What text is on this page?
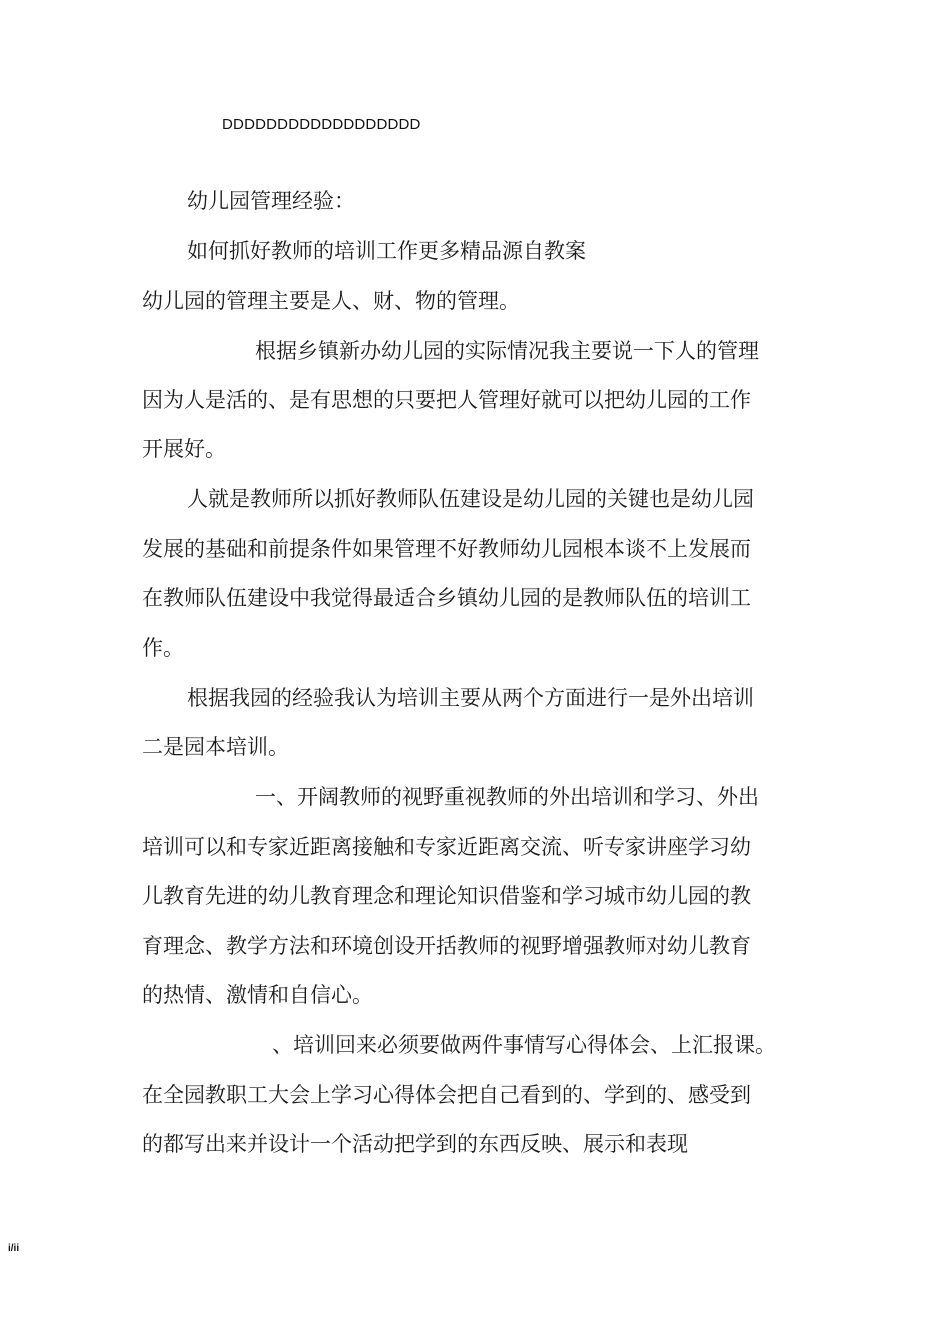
DDDDDDDDDDDDDDDDDD
幼儿园管理经验：
如何抓好教师的培训工作更多精品源自教案
幼儿园的管理主要是人、财、物的管理。
根据乡镇新办幼儿园的实际情况我主要说一下人的管理
因为人是活的、是有思想的只要把人管理好就可以把幼儿园的工作
开展好。
人就是教师所以抓好教师队伍建设是幼儿园的关键也是幼儿园
发展的基础和前提条件如果管理不好教师幼儿园根本谈不上发展而
在教师队伍建设中我觉得最适合乡镇幼儿园的是教师队伍的培训工
作。
根据我园的经验我认为培训主要从两个方面进行一是外出培训
二是园本培训。
一、开阔教师的视野重视教师的外出培训和学习、外出
培训可以和专家近距离接触和专家近距离交流、听专家讲座学习幼
儿教育先进的幼儿教育理念和理论知识借鉴和学习城市幼儿园的教
育理念、教学方法和环境创设开括教师的视野增强教师对幼儿教育
的热情、激情和自信心。
、培训回来必须要做两件事情写心得体会、上汇报课。
在全园教职工大会上学习心得体会把自己看到的、学到的、感受到
的都写出来并设计一个活动把学到的东西反映、展示和表现
i/ii
